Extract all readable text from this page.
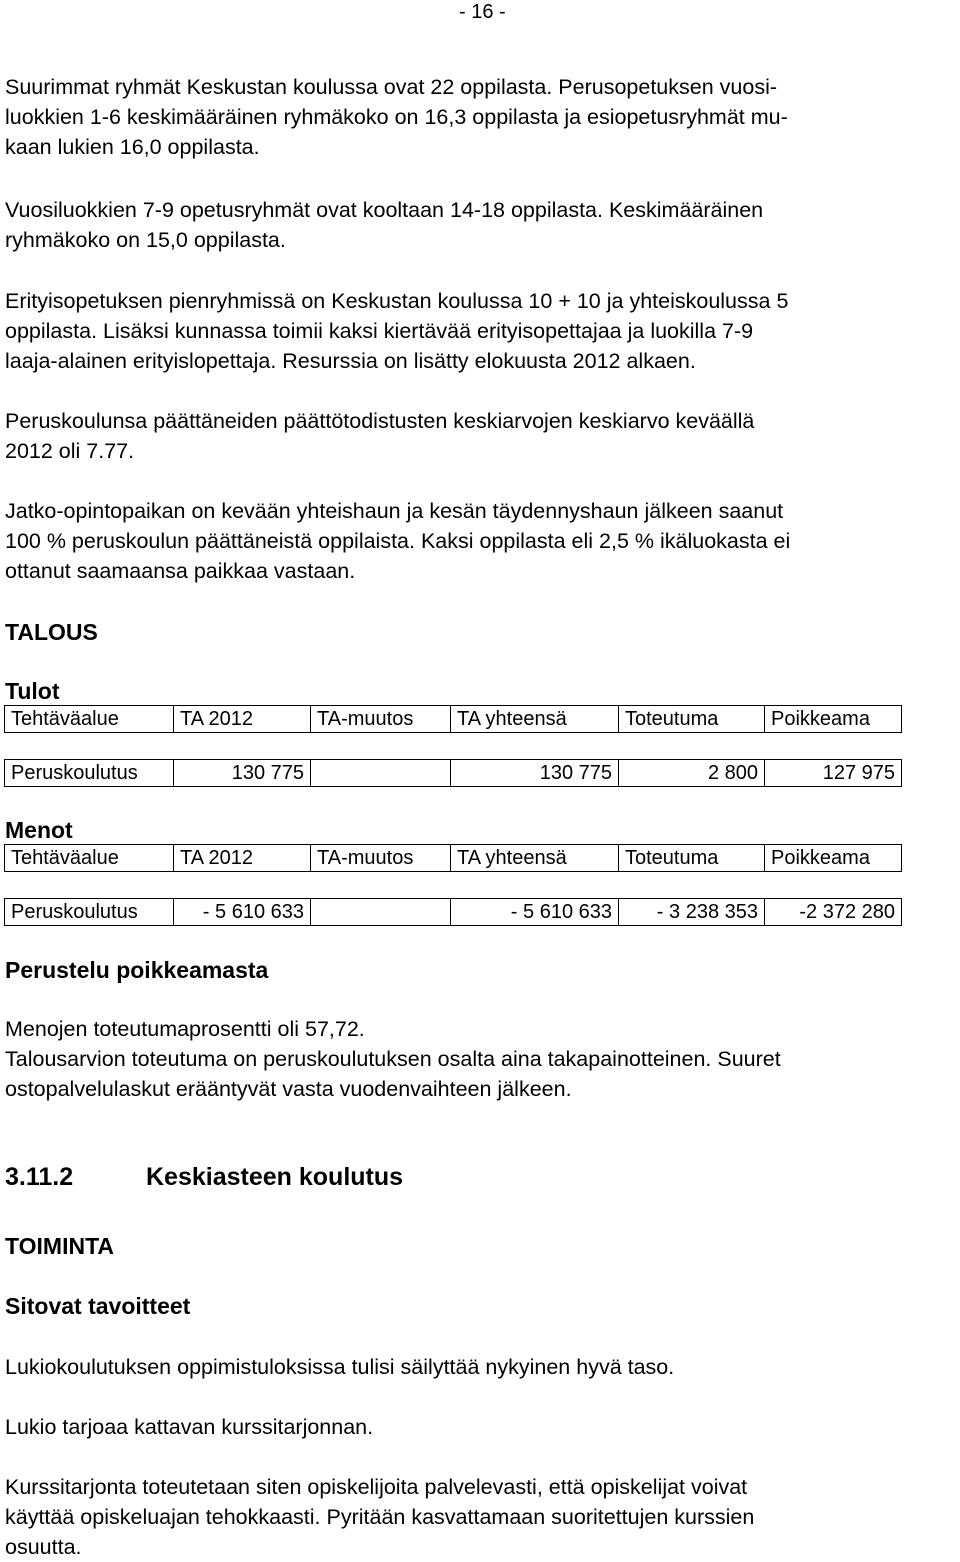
- 16 -

Suurimmat ryhmät Keskustan koulussa ovat 22 oppilasta. Perusopetuksen vuosi-
luokkien 1-6 keskimääräinen ryhmäkoko on 16,3 oppilasta ja esiopetusryhmät mu-
kaan lukien 16,0 oppilasta.

Vuosiluokkien 7-9 opetusryhmät ovat kooltaan 14-18 oppilasta. Keskimääräinen
ryhmäkoko on 15,0 oppilasta.

Erityisopetuksen pienryhmissä on Keskustan koulussa 10 + 10 ja yhteiskoulussa 5
oppilasta. Lisäksi kunnassa toimii kaksi kiertävää erityisopettajaa ja luokilla 7-9
laaja-alainen erityislopettaja. Resurssia on lisätty elokuusta 2012 alkaen.

Peruskoulunsa päättäneiden päättötodistusten keskiarvojen keskiarvo keväällä
2012 oli 7.77.

Jatko-opintopaikan on kevään yhteishaun ja kesän täydennyshaun jälkeen saanut
100 % peruskoulun päättäneistä oppilaista. Kaksi oppilasta eli 2,5 % ikäluokasta ei
ottanut saamaansa paikkaa vastaan.

TALOUS
Tulot
Tehtäväalue	TA 2012	TA-muutos	TA yhteensä	Toteutuma	Poikkeama

Peruskoulutus	130 775		130 775	2 800	127 975
Menot
Tehtäväalue	TA 2012	TA-muutos	TA yhteensä	Toteutuma	Poikkeama

Peruskoulutus	- 5 610 633		- 5 610 633	- 3 238 353	-2 372 280
Perustelu poikkeamasta

Menojen toteutumaprosentti oli 57,72.
Talousarvion toteutuma on peruskoulutuksen osalta aina takapainotteinen. Suuret
ostopalvelulaskut erääntyvät vasta vuodenvaihteen jälkeen.

3.11.2	Keskiasteen koulutus
TOIMINTA
Sitovat tavoitteet

Lukiokoulutuksen oppimistuloksissa tulisi säilyttää nykyinen hyvä taso.

Lukio tarjoaa kattavan kurssitarjonnan.

Kurssitarjonta toteutetaan siten opiskelijoita palvelevasti, että opiskelijat voivat
käyttää opiskeluajan tehokkaasti. Pyritään kasvattamaan suoritettujen kurssien
osuutta.
